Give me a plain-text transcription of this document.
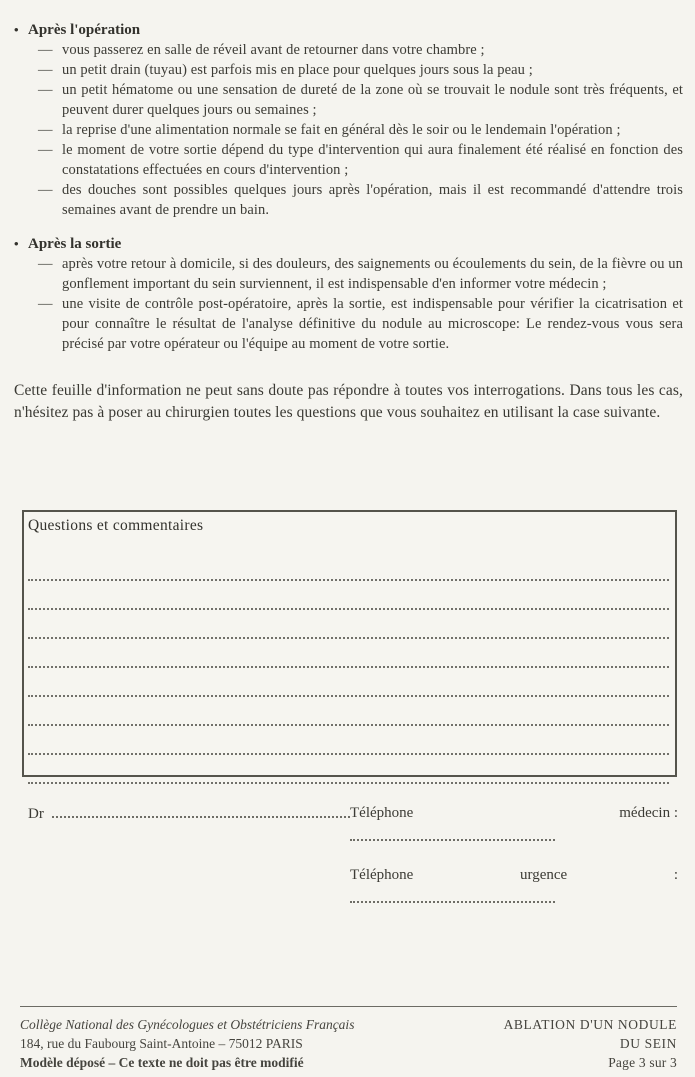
• Après l'opération
— vous passerez en salle de réveil avant de retourner dans votre chambre ;
— un petit drain (tuyau) est parfois mis en place pour quelques jours sous la peau ;
— un petit hématome ou une sensation de dureté de la zone où se trouvait le nodule sont très fréquents, et peuvent durer quelques jours ou semaines ;
— la reprise d'une alimentation normale se fait en général dès le soir ou le lendemain l'opération ;
— le moment de votre sortie dépend du type d'intervention qui aura finalement été réalisé en fonction des constatations effectuées en cours d'intervention ;
— des douches sont possibles quelques jours après l'opération, mais il est recommandé d'attendre trois semaines avant de prendre un bain.
• Après la sortie
— après votre retour à domicile, si des douleurs, des saignements ou écoulements du sein, de la fièvre ou un gonflement important du sein surviennent, il est indispensable d'en informer votre médecin ;
— une visite de contrôle post-opératoire, après la sortie, est indispensable pour vérifier la cicatrisation et pour connaître le résultat de l'analyse définitive du nodule au microscope: Le rendez-vous vous sera précisé par votre opérateur ou l'équipe au moment de votre sortie.

Cette feuille d'information ne peut sans doute pas répondre à toutes vos interrogations. Dans tous les cas, n'hésitez pas à poser au chirurgien toutes les questions que vous souhaitez en utilisant la case suivante.

Questions et commentaires
Dr	Téléphone	médecin :
Téléphone	urgence	:
Collège National des Gynécologues et Obstétriciens Français
184, rue du Faubourg Saint-Antoine – 75012 PARIS
Modèle déposé – Ce texte ne doit pas être modifié
ABLATION D'UN NODULE
DU SEIN
Page 3 sur 3
